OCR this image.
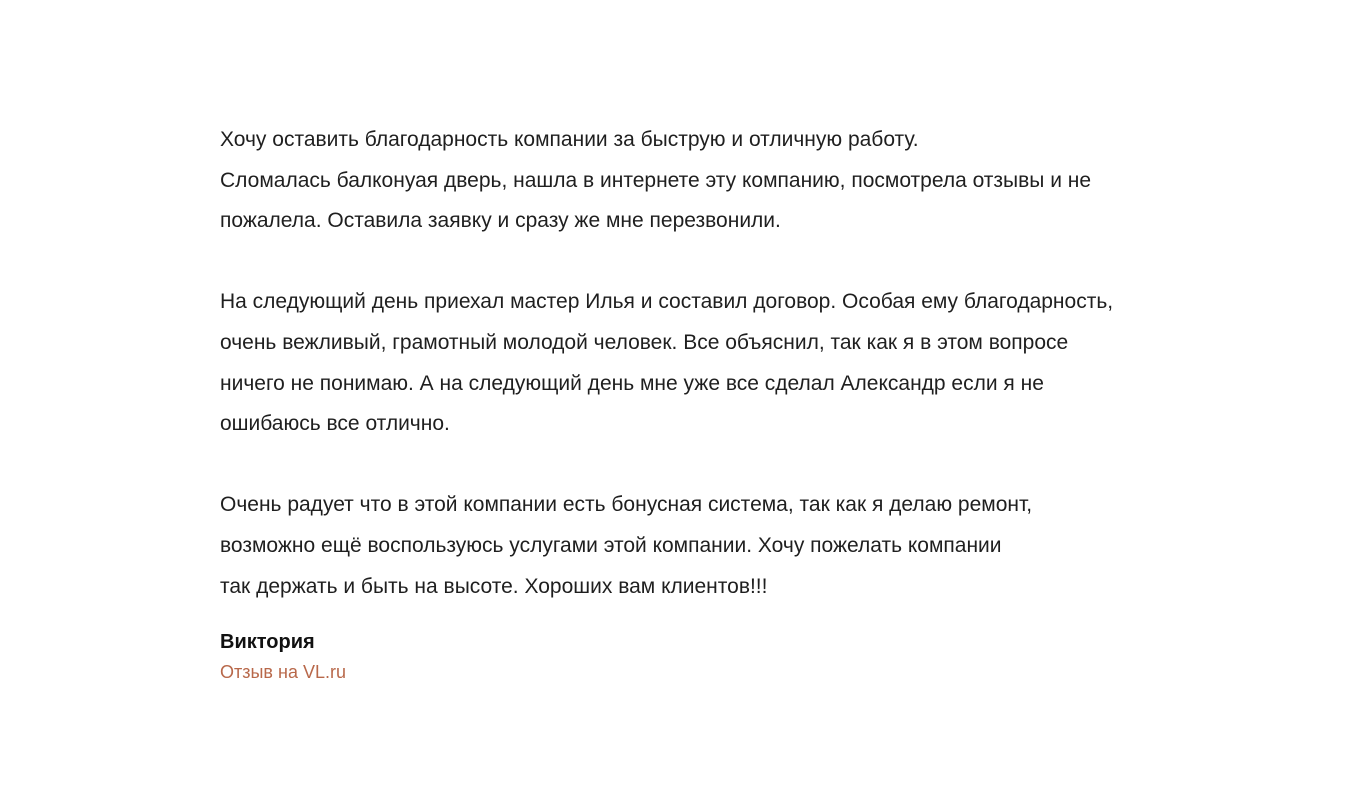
Хочу оставить благодарность компании за быструю и отличную работу.
Сломалась балконуая дверь, нашла в интернете эту компанию, посмотрела отзывы и не
пожалела. Оставила заявку и сразу же мне перезвонили.

На следующий день приехал мастер Илья и составил договор. Особая ему благодарность,
очень вежливый, грамотный молодой человек. Все объяснил, так как я в этом вопросе
ничего не понимаю. А на следующий день мне уже все сделал Александр если я не
ошибаюсь все отлично.

Очень радует что в этой компании есть бонусная система, так как я делаю ремонт,
возможно ещё воспользуюсь услугами этой компании. Хочу пожелать компании
так держать и быть на высоте. Хороших вам клиентов!!!

Виктория
Отзыв на VL.ru
